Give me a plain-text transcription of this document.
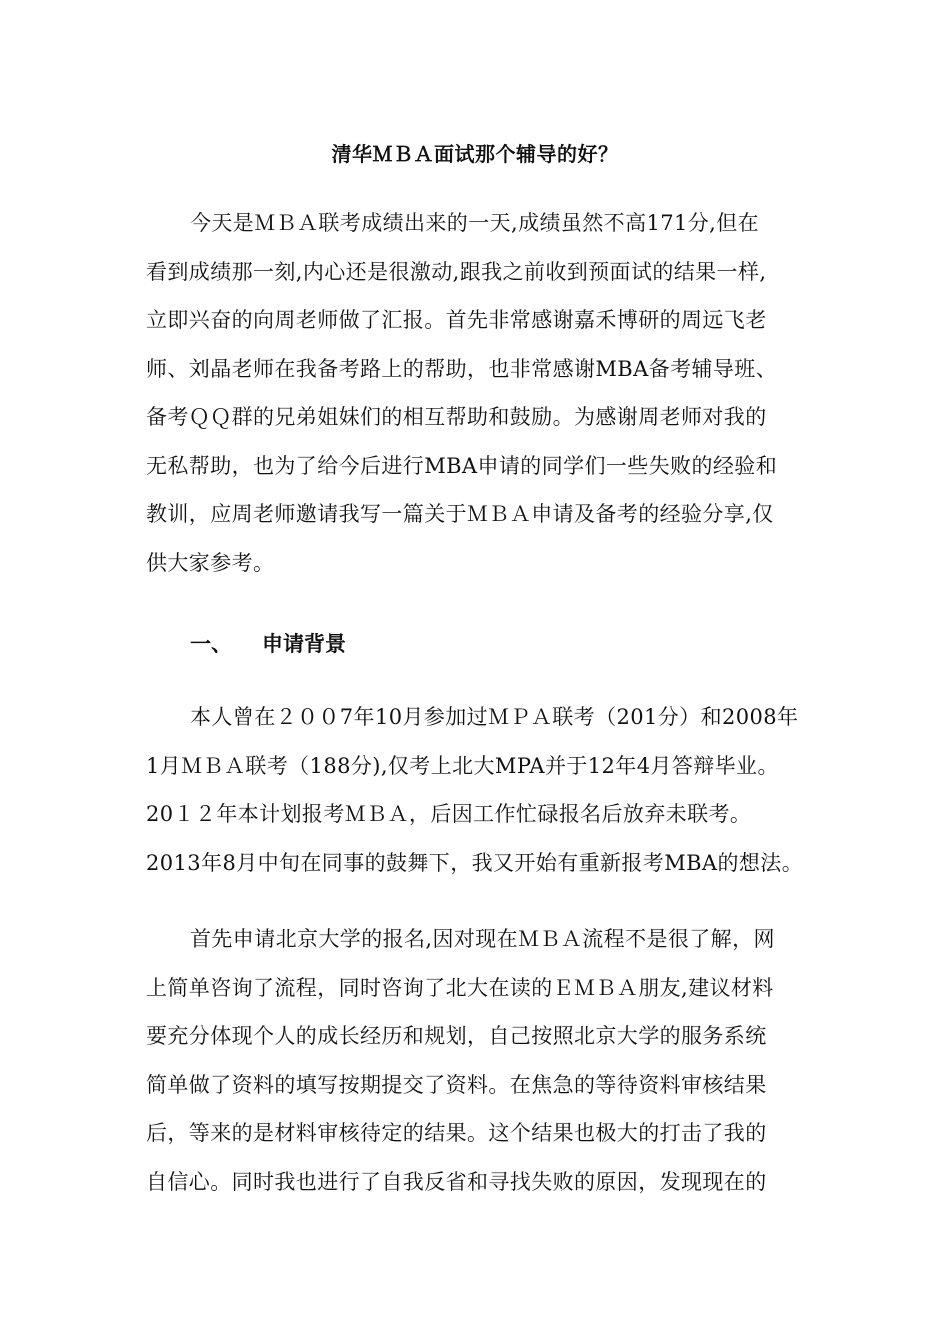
清华ＭＢＡ面试那个辅导的好？
今天是ＭＢＡ联考成绩出来的一天,成绩虽然不高171分,但在
看到成绩那一刻,内心还是很激动,跟我之前收到预面试的结果一样,
立即兴奋的向周老师做了汇报。首先非常感谢嘉禾博研的周远飞老
师、刘晶老师在我备考路上的帮助，也非常感谢MBA备考辅导班、
备考ＱＱ群的兄弟姐妹们的相互帮助和鼓励。为感谢周老师对我的
无私帮助，也为了给今后进行MBA申请的同学们一些失败的经验和
教训，应周老师邀请我写一篇关于ＭＢＡ申请及备考的经验分享,仅
供大家参考。
一、 申请背景
本人曾在２００7年10月参加过ＭＰＡ联考（201分）和2008年
1月ＭＢＡ联考（188分),仅考上北大MPA并于12年4月答辩毕业。
20１２年本计划报考ＭＢＡ，后因工作忙碌报名后放弃未联考。
2013年8月中旬在同事的鼓舞下，我又开始有重新报考MBA的想法。
首先申请北京大学的报名,因对现在ＭＢＡ流程不是很了解，网
上简单咨询了流程，同时咨询了北大在读的ＥＭＢＡ朋友,建议材料
要充分体现个人的成长经历和规划，自己按照北京大学的服务系统
简单做了资料的填写按期提交了资料。在焦急的等待资料审核结果
后，等来的是材料审核待定的结果。这个结果也极大的打击了我的
自信心。同时我也进行了自我反省和寻找失败的原因，发现现在的
